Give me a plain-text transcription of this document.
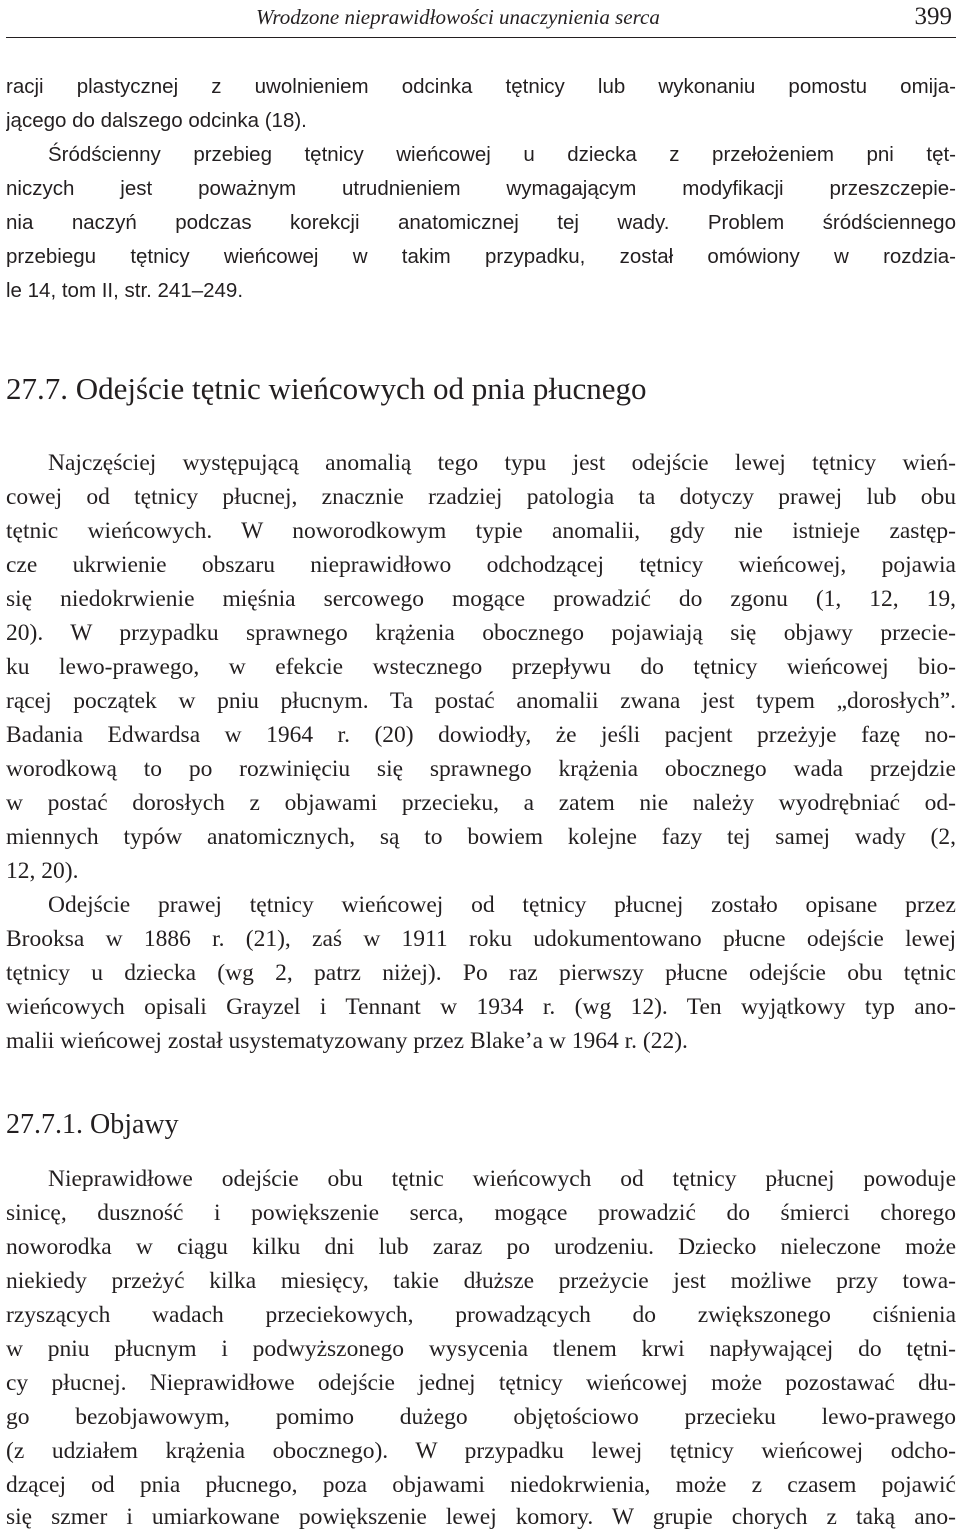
Wrodzone nieprawidłowości unaczynienia serca	399
racji plastycznej z uwolnieniem odcinka tętnicy lub wykonaniu pomostu omija-
jącego do dalszego odcinka (18).
Śródścienny przebieg tętnicy wieńcowej u dziecka z przełożeniem pni tęt-
niczych jest poważnym utrudnieniem wymagającym modyfikacji przeszczepie-
nia naczyń podczas korekcji anatomicznej tej wady. Problem śródściennego
przebiegu tętnicy wieńcowej w takim przypadku, został omówiony w rozdzia-
le 14, tom II, str. 241–249.
27.7. Odejście tętnic wieńcowych od pnia płucnego
Najczęściej występującą anomalią tego typu jest odejście lewej tętnicy wień-
cowej od tętnicy płucnej, znacznie rzadziej patologia ta dotyczy prawej lub obu
tętnic wieńcowych. W noworodkowym typie anomalii, gdy nie istnieje zastęp-
cze ukrwienie obszaru nieprawidłowo odchodzącej tętnicy wieńcowej, pojawia
się niedokrwienie mięśnia sercowego mogące prowadzić do zgonu (1, 12, 19,
20). W przypadku sprawnego krążenia obocznego pojawiają się objawy przecie-
ku lewo-prawego, w efekcie wstecznego przepływu do tętnicy wieńcowej bio-
rącej początek w pniu płucnym. Ta postać anomalii zwana jest typem „dorosłych”.
Badania Edwardsa w 1964 r. (20) dowiodły, że jeśli pacjent przeżyje fazę no-
worodkową to po rozwinięciu się sprawnego krążenia obocznego wada przejdzie
w postać dorosłych z objawami przecieku, a zatem nie należy wyodrębniać od-
miennych typów anatomicznych, są to bowiem kolejne fazy tej samej wady (2,
12, 20).
Odejście prawej tętnicy wieńcowej od tętnicy płucnej zostało opisane przez
Brooksa w 1886 r. (21), zaś w 1911 roku udokumentowano płucne odejście lewej
tętnicy u dziecka (wg 2, patrz niżej). Po raz pierwszy płucne odejście obu tętnic
wieńcowych opisali Grayzel i Tennant w 1934 r. (wg 12). Ten wyjątkowy typ ano-
malii wieńcowej został usystematyzowany przez Blake’a w 1964 r. (22).
27.7.1. Objawy
Nieprawidłowe odejście obu tętnic wieńcowych od tętnicy płucnej powoduje
sinicę, duszność i powiększenie serca, mogące prowadzić do śmierci chorego
noworodka w ciągu kilku dni lub zaraz po urodzeniu. Dziecko nieleczone może
niekiedy przeżyć kilka miesięcy, takie dłuższe przeżycie jest możliwe przy towa-
rzyszących wadach przeciekowych, prowadzących do zwiększonego ciśnienia
w pniu płucnym i podwyższonego wysycenia tlenem krwi napływającej do tętni-
cy płucnej. Nieprawidłowe odejście jednej tętnicy wieńcowej może pozostawać dłu-
go bezobjawowym, pomimo dużego objętościowo przecieku lewo-prawego
(z udziałem krążenia obocznego). W przypadku lewej tętnicy wieńcowej odcho-
dzącej od pnia płucnego, poza objawami niedokrwienia, może z czasem pojawić
się szmer i umiarkowane powiększenie lewej komory. W grupie chorych z taką ano-
